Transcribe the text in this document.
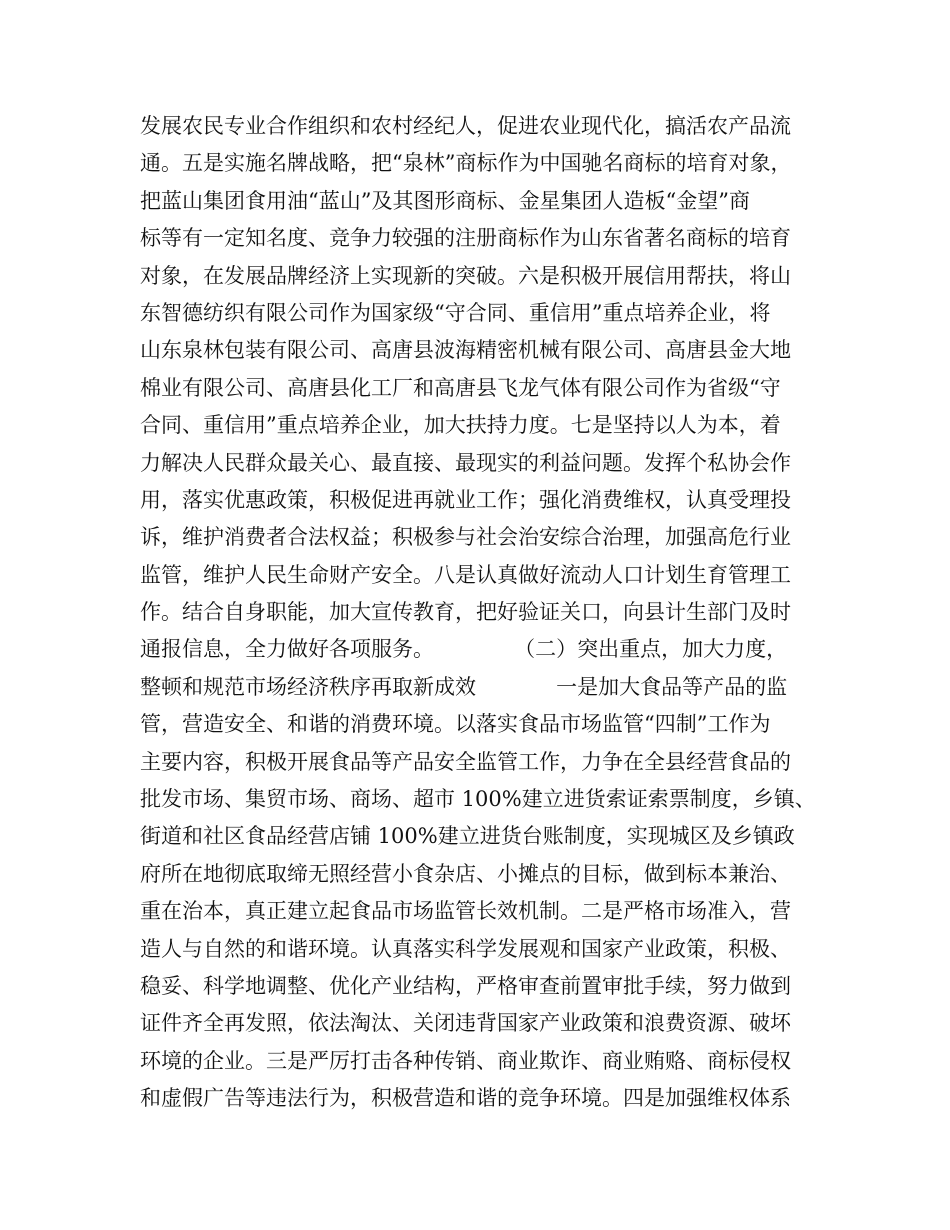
发展农民专业合作组织和农村经纪人，促进农业现代化，搞活农产品流
通。五是实施名牌战略，把“泉林”商标作为中国驰名商标的培育对象，
把蓝山集团食用油“蓝山”及其图形商标、金星集团人造板“金望”商
标等有一定知名度、竞争力较强的注册商标作为山东省著名商标的培育
对象，在发展品牌经济上实现新的突破。六是积极开展信用帮扶，将山
东智德纺织有限公司作为国家级“守合同、重信用”重点培养企业，将
山东泉林包装有限公司、高唐县波海精密机械有限公司、高唐县金大地
棉业有限公司、高唐县化工厂和高唐县飞龙气体有限公司作为省级“守
合同、重信用”重点培养企业，加大扶持力度。七是坚持以人为本，着
力解决人民群众最关心、最直接、最现实的利益问题。发挥个私协会作
用，落实优惠政策，积极促进再就业工作；强化消费维权，认真受理投
诉，维护消费者合法权益；积极参与社会治安综合治理，加强高危行业
监管，维护人民生命财产安全。八是认真做好流动人口计划生育管理工
作。结合自身职能，加大宣传教育，把好验证关口，向县计生部门及时
通报信息，全力做好各项服务。            （二）突出重点，加大力度，
整顿和规范市场经济秩序再取新成效            一是加大食品等产品的监
管，营造安全、和谐的消费环境。以落实食品市场监管“四制”工作为
主要内容，积极开展食品等产品安全监管工作，力争在全县经营食品的
批发市场、集贸市场、商场、超市 100%建立进货索证索票制度，乡镇、
街道和社区食品经营店铺 100%建立进货台账制度，实现城区及乡镇政
府所在地彻底取缔无照经营小食杂店、小摊点的目标，做到标本兼治、
重在治本，真正建立起食品市场监管长效机制。二是严格市场准入，营
造人与自然的和谐环境。认真落实科学发展观和国家产业政策，积极、
稳妥、科学地调整、优化产业结构，严格审查前置审批手续，努力做到
证件齐全再发照，依法淘汰、关闭违背国家产业政策和浪费资源、破坏
环境的企业。三是严厉打击各种传销、商业欺诈、商业贿赂、商标侵权
和虚假广告等违法行为，积极营造和谐的竞争环境。四是加强维权体系
